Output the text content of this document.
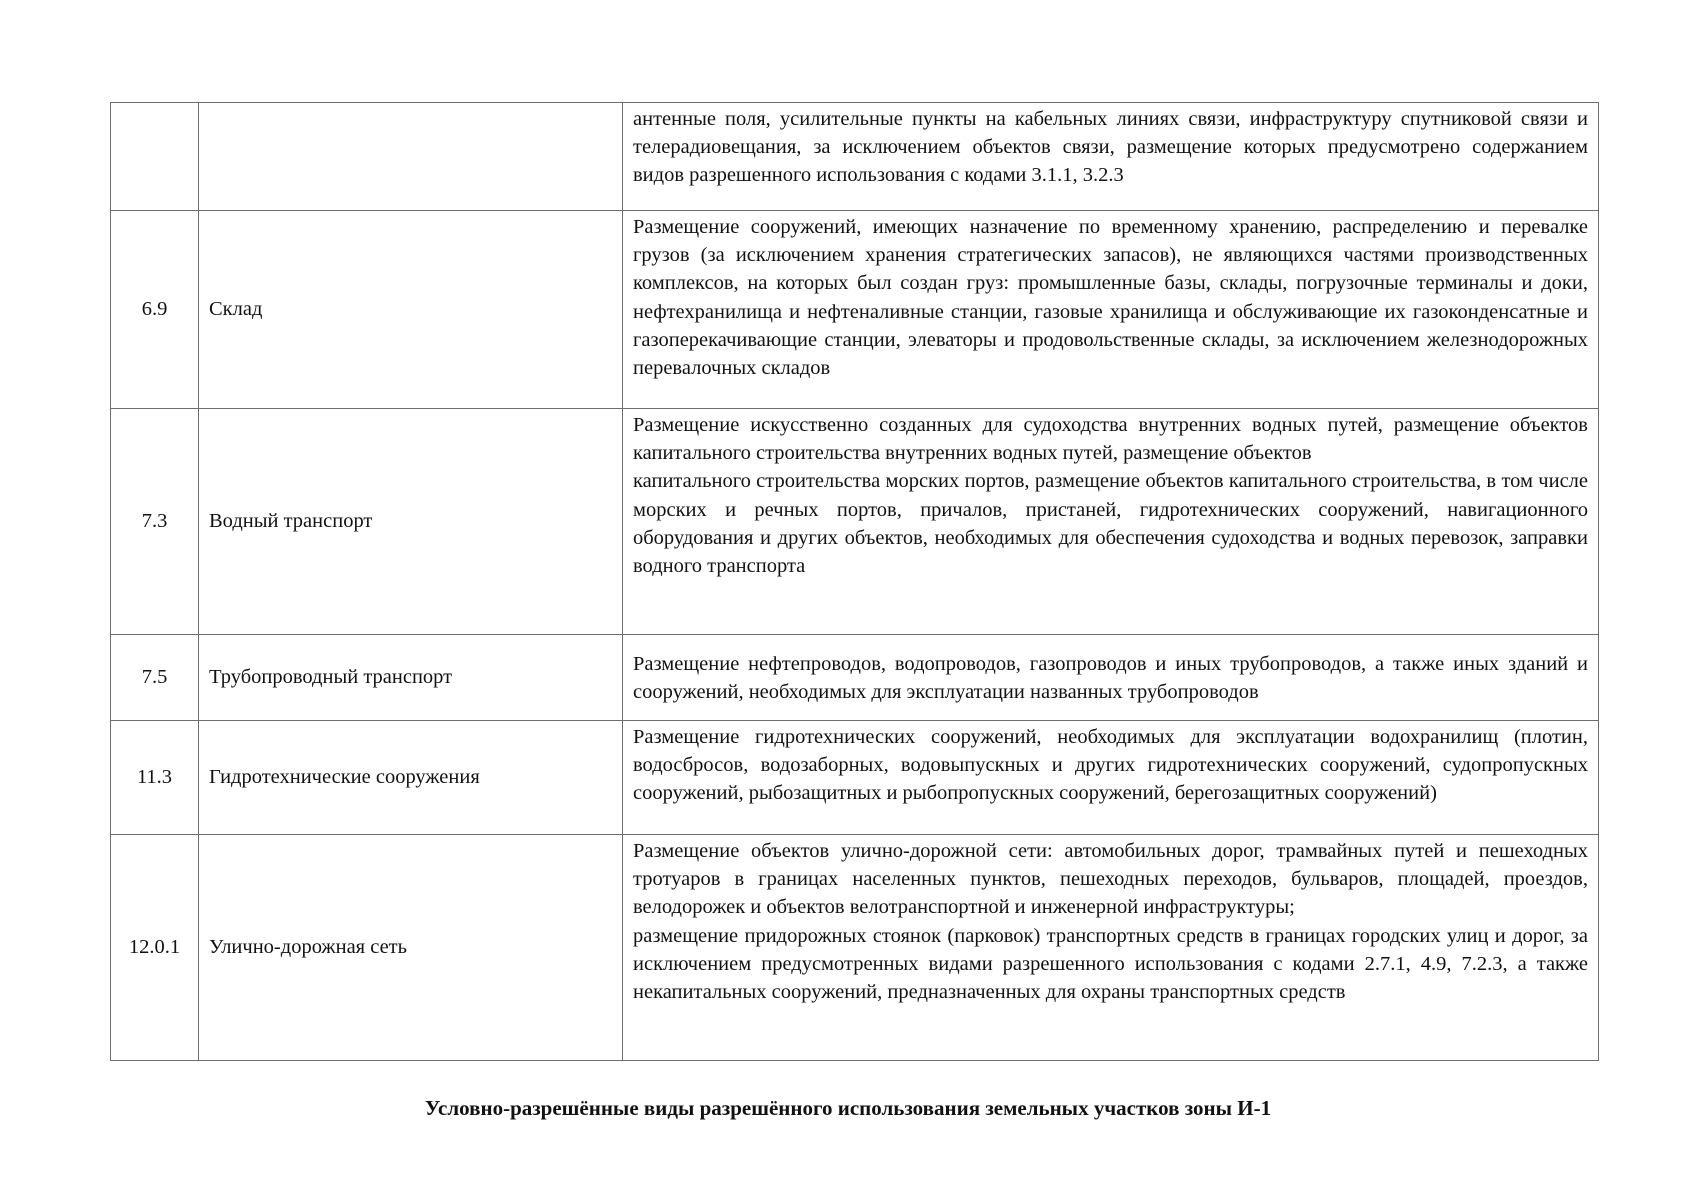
		антенные поля, усилительные пункты на кабельных линиях связи, инфраструктуру спутниковой связи и телерадиовещания, за исключением объектов связи, размещение которых предусмотрено содержанием видов разрешенного использования с кодами 3.1.1, 3.2.3

6.9	Склад	Размещение сооружений, имеющих назначение по временному хранению, распределению и перевалке грузов (за исключением хранения стратегических запасов), не являющихся частями производственных комплексов, на которых был создан груз: промышленные базы, склады, погрузочные терминалы и доки, нефтехранилища и нефтеналивные станции, газовые хранилища и обслуживающие их газоконденсатные и газоперекачивающие станции, элеваторы и продовольственные склады, за исключением железнодорожных перевалочных складов

7.3	Водный транспорт	Размещение искусственно созданных для судоходства внутренних водных путей, размещение объектов капитального строительства внутренних водных путей, размещение объектов
капитального строительства морских портов, размещение объектов капитального строительства, в том числе морских и речных портов, причалов, пристаней, гидротехнических сооружений, навигационного оборудования и других объектов, необходимых для обеспечения судоходства и водных перевозок, заправки водного транспорта

7.5	Трубопроводный транспорт	Размещение нефтепроводов, водопроводов, газопроводов и иных трубопроводов, а также иных зданий и сооружений, необходимых для эксплуатации названных трубопроводов

11.3	Гидротехнические сооружения	Размещение гидротехнических сооружений, необходимых для эксплуатации водохранилищ (плотин, водосбросов, водозаборных, водовыпускных и других гидротехнических сооружений, судопропускных сооружений, рыбозащитных и рыбопропускных сооружений, берегозащитных сооружений)

12.0.1	Улично-дорожная сеть	Размещение объектов улично-дорожной сети: автомобильных дорог, трамвайных путей и пешеходных тротуаров в границах населенных пунктов, пешеходных переходов, бульваров, площадей, проездов, велодорожек и объектов велотранспортной и инженерной инфраструктуры;
размещение придорожных стоянок (парковок) транспортных средств в границах городских улиц и дорог, за исключением предусмотренных видами разрешенного использования с кодами 2.7.1, 4.9, 7.2.3, а также некапитальных сооружений, предназначенных для охраны транспортных средств
Условно-разрешённые виды разрешённого использования земельных участков зоны И-1
